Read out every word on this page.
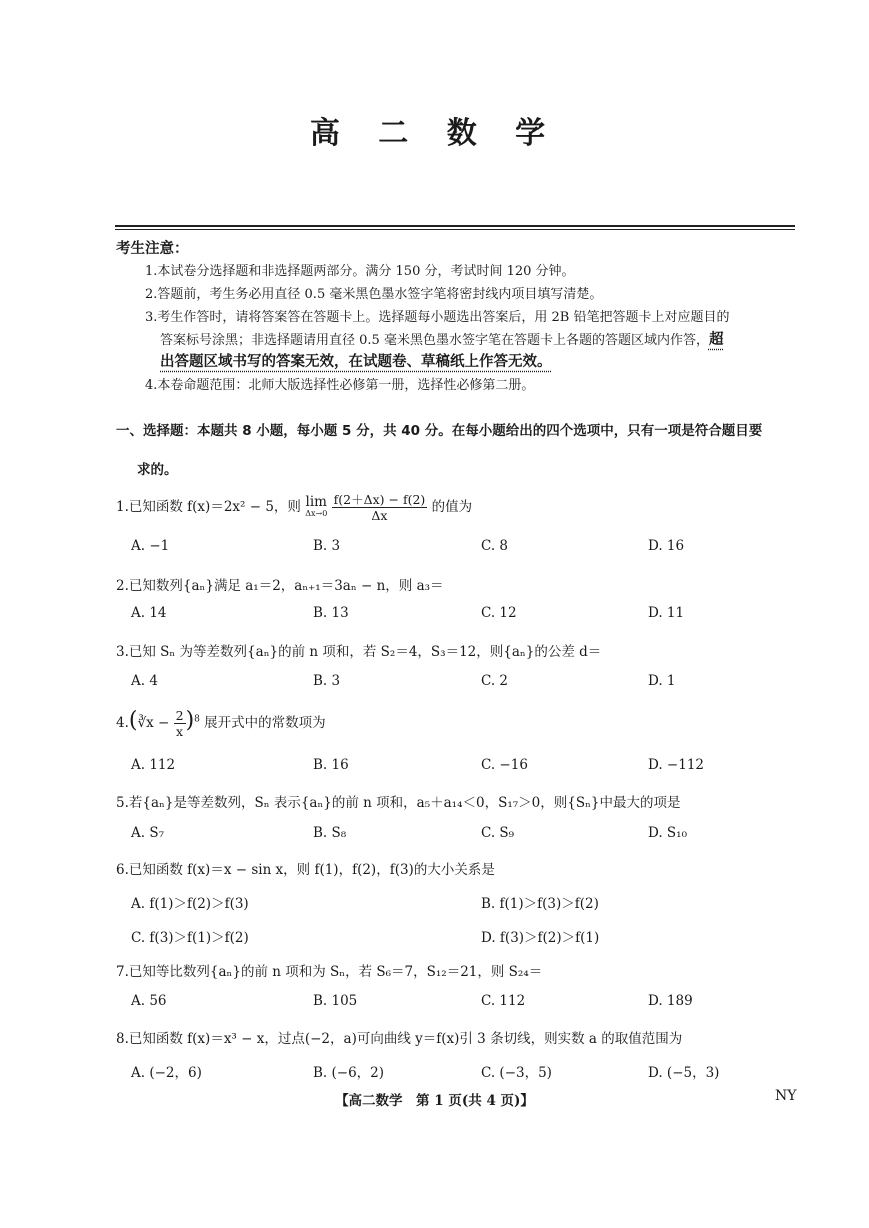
高 二 数 学
考生注意：
1.本试卷分选择题和非选择题两部分。满分 150 分，考试时间 120 分钟。
2.答题前，考生务必用直径 0.5 毫米黑色墨水签字笔将密封线内项目填写清楚。
3.考生作答时，请将答案答在答题卡上。选择题每小题选出答案后，用 2B 铅笔把答题卡上对应题目的
答案标号涂黑；非选择题请用直径 0.5 毫米黑色墨水签字笔在答题卡上各题的答题区域内作答，超
出答题区域书写的答案无效，在试题卷、草稿纸上作答无效。
4.本卷命题范围：北师大版选择性必修第一册，选择性必修第二册。
一、选择题：本题共 8 小题，每小题 5 分，共 40 分。在每小题给出的四个选项中，只有一项是符合题目要
求的。
1.已知函数 f(x)＝2x² − 5，则 lim
Δx→0
$\frac{f(2+\Delta x) - f(2)}{\Delta x}$ 的值为
A. −1	B. 3	C. 8	D. 16
2.已知数列{aₙ}满足 a₁＝2，aₙ₊₁＝3aₙ − n，则 a₃＝
A. 14	B. 13	C. 12	D. 11
3.已知 Sₙ 为等差数列{aₙ}的前 n 项和，若 S₂＝4，S₃＝12，则{aₙ}的公差 d＝
A. 4	B. 3	C. 2	D. 1
4.(∛x − $\frac{2}{x} )^8$ 展开式中的常数项为
A. 112	B. 16	C. −16	D. −112
5.若{aₙ}是等差数列，Sₙ 表示{aₙ}的前 n 项和，a₅＋a₁₄＜0，S₁₇＞0，则{Sₙ}中最大的项是
A. S₇	B. S₈	C. S₉	D. S₁₀
6.已知函数 f(x)＝x − sin x，则 f(1)，f(2)，f(3)的大小关系是
A. f(1)＞f(2)＞f(3)	B. f(1)＞f(3)＞f(2)
C. f(3)＞f(1)＞f(2)	D. f(3)＞f(2)＞f(1)
7.已知等比数列{aₙ}的前 n 项和为 Sₙ，若 S₆＝7，S₁₂＝21，则 S₂₄＝
A. 56	B. 105	C. 112	D. 189
8.已知函数 f(x)＝x³ − x，过点(−2，a)可向曲线 y＝f(x)引 3 条切线，则实数 a 的取值范围为
A. (−2，6)	B. (−6，2)	C. (−3，5)	D. (−5，3)
【高二数学　第 1 页(共 4 页)】	NY
